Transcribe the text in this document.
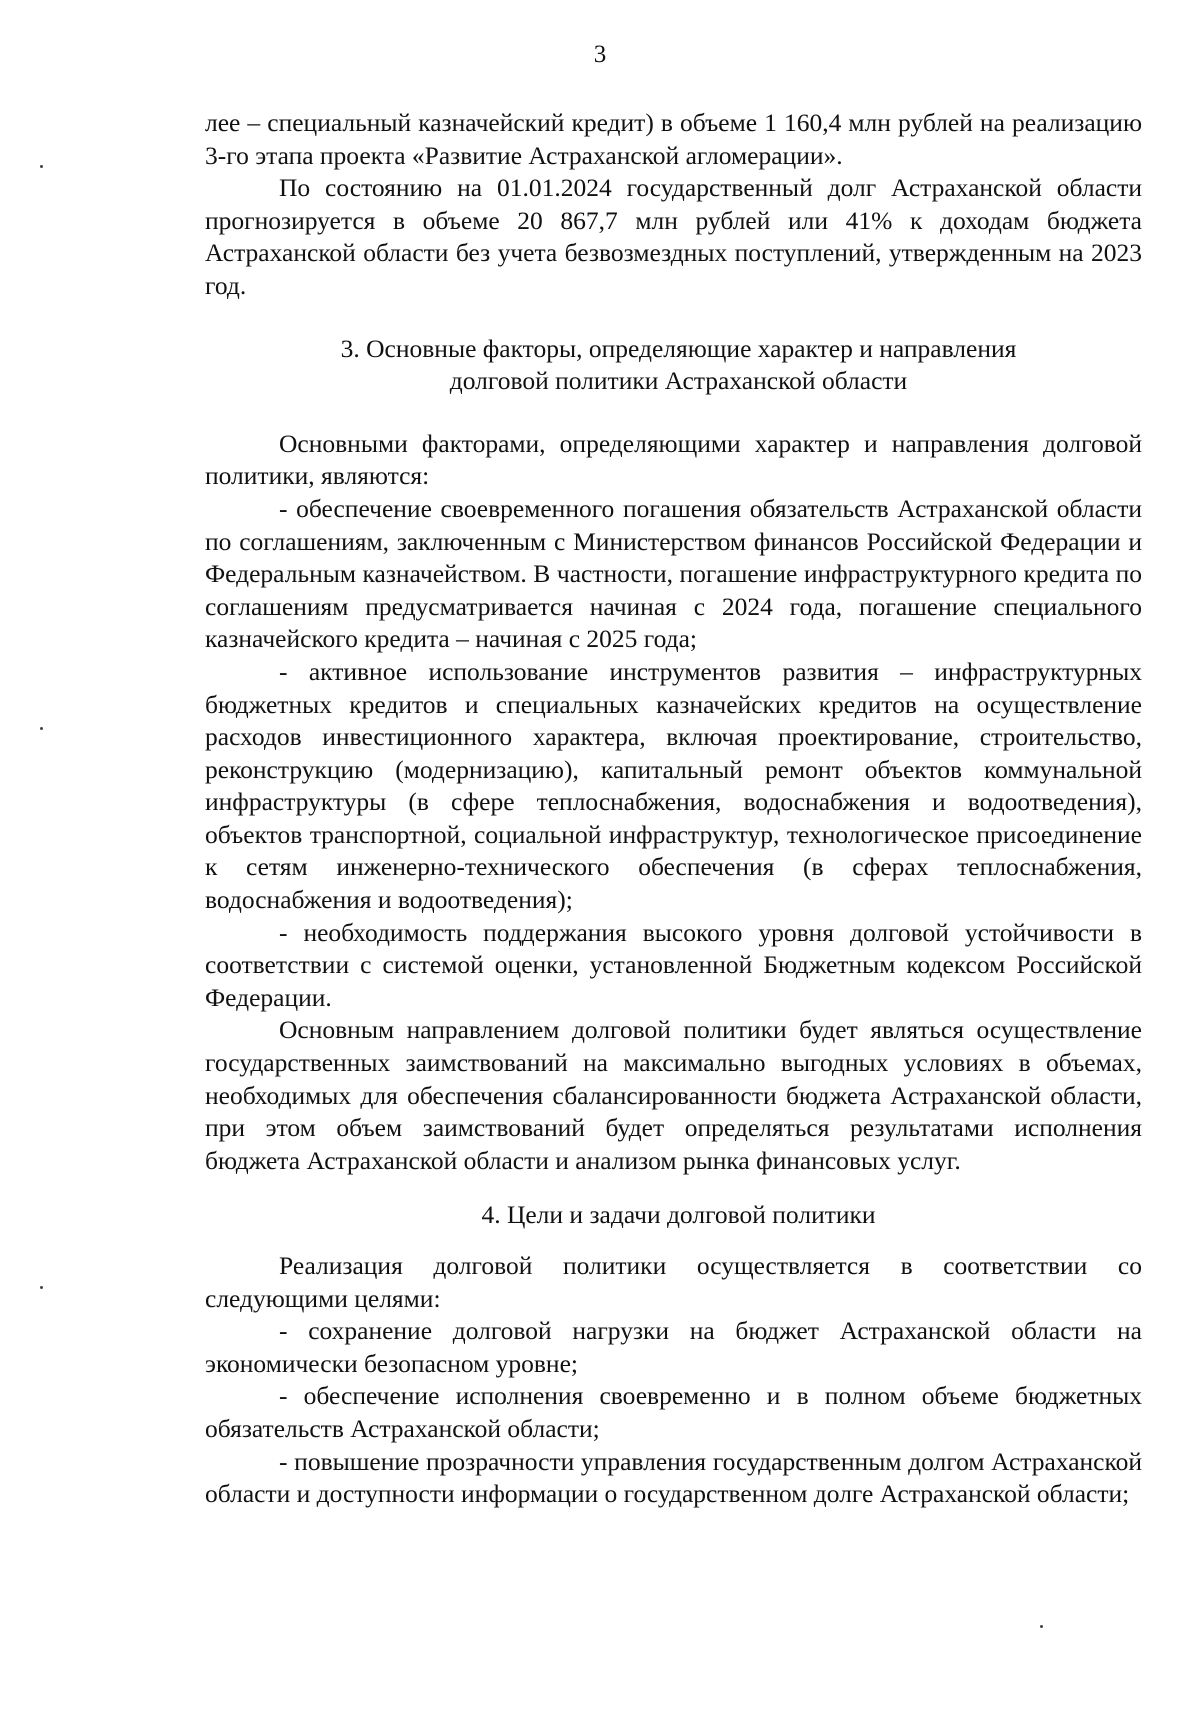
3

лее – специальный казначейский кредит) в объеме 1 160,4 млн рублей на реализацию 3-го этапа проекта «Развитие Астраханской агломерации».

По состоянию на 01.01.2024 государственный долг Астраханской области прогнозируется в объеме 20 867,7 млн рублей или 41% к доходам бюджета Астраханской области без учета безвозмездных поступлений, утвержденным на 2023 год.

3. Основные факторы, определяющие характер и направления
долговой политики Астраханской области

Основными факторами, определяющими характер и направления долговой политики, являются:

- обеспечение своевременного погашения обязательств Астраханской области по соглашениям, заключенным с Министерством финансов Российской Федерации и Федеральным казначейством. В частности, погашение инфраструктурного кредита по соглашениям предусматривается начиная с 2024 года, погашение специального казначейского кредита – начиная с 2025 года;

- активное использование инструментов развития – инфраструктурных бюджетных кредитов и специальных казначейских кредитов на осуществление расходов инвестиционного характера, включая проектирование, строительство, реконструкцию (модернизацию), капитальный ремонт объектов коммунальной инфраструктуры (в сфере теплоснабжения, водоснабжения и водоотведения), объектов транспортной, социальной инфраструктур, технологическое присоединение к сетям инженерно-технического обеспечения (в сферах теплоснабжения, водоснабжения и водоотведения);

- необходимость поддержания высокого уровня долговой устойчивости в соответствии с системой оценки, установленной Бюджетным кодексом Российской Федерации.

Основным направлением долговой политики будет являться осуществление государственных заимствований на максимально выгодных условиях в объемах, необходимых для обеспечения сбалансированности бюджета Астраханской области, при этом объем заимствований будет определяться результатами исполнения бюджета Астраханской области и анализом рынка финансовых услуг.

4. Цели и задачи долговой политики

Реализация долговой политики осуществляется в соответствии со следующими целями:

- сохранение долговой нагрузки на бюджет Астраханской области на экономически безопасном уровне;

- обеспечение исполнения своевременно и в полном объеме бюджетных обязательств Астраханской области;

- повышение прозрачности управления государственным долгом Астраханской области и доступности информации о государственном долге Астраханской области;
